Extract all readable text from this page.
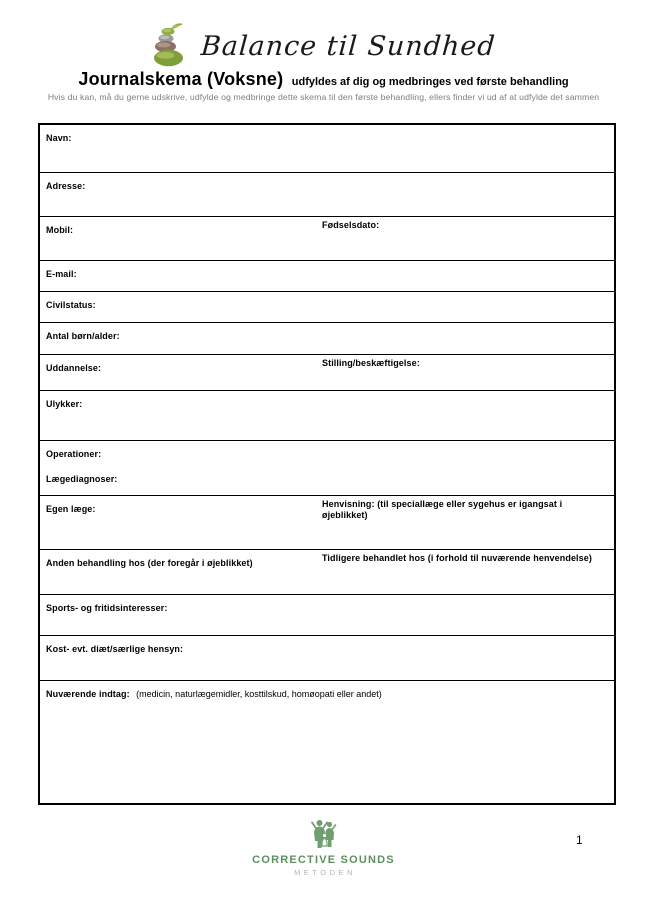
Balance til Sundhed
Journalskema (Voksne) udfyldes af dig og medbringes ved første behandling
Hvis du kan, må du gerne udskrive, udfylde og medbringe dette skema til den første behandling, ellers finder vi ud af at udfylde det sammen
Navn:
Adresse:
Mobil:	Fødselsdato:
E-mail:
Civilstatus:
Antal børn/alder:
Uddannelse:	Stilling/beskæftigelse:
Ulykker:
Operationer:
Lægediagnoser:
Egen læge:	Henvisning: (til speciallæge eller sygehus er igangsat i øjeblikket)
Anden behandling hos (der foregår i øjeblikket)	Tidligere behandlet hos (i forhold til nuværende henvendelse)
Sports- og fritidsinteresser:
Kost- evt. diæt/særlige hensyn:
Nuværende indtag: (medicin, naturlægemidler, kosttilskud, homøopati eller andet)
CORRECTIVE SOUNDS
METODEN
1
